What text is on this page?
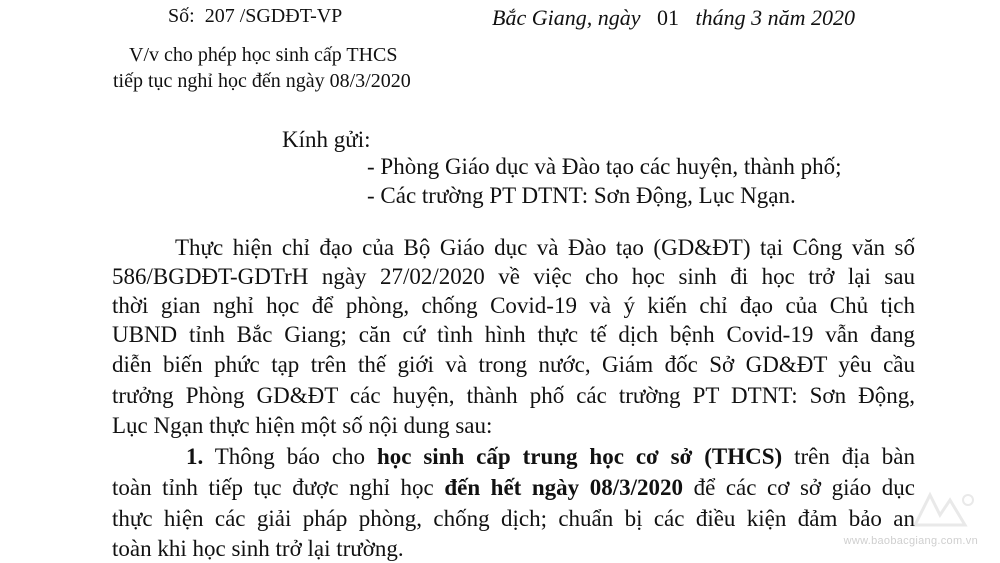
Số: 207 /SGDĐT-VP	Bắc Giang, ngày 01 tháng 3 năm 2020
V/v cho phép học sinh cấp THCS
tiếp tục nghỉ học đến ngày 08/3/2020
Kính gửi:
- Phòng Giáo dục và Đào tạo các huyện, thành phố;
- Các trường PT DTNT: Sơn Động, Lục Ngạn.
Thực hiện chỉ đạo của Bộ Giáo dục và Đào tạo (GD&ĐT) tại Công văn số
586/BGDĐT-GDTrH ngày 27/02/2020 về việc cho học sinh đi học trở lại sau
thời gian nghỉ học để phòng, chống Covid-19 và ý kiến chỉ đạo của Chủ tịch
UBND tỉnh Bắc Giang; căn cứ tình hình thực tế dịch bệnh Covid-19 vẫn đang
diễn biến phức tạp trên thế giới và trong nước, Giám đốc Sở GD&ĐT yêu cầu
trưởng Phòng GD&ĐT các huyện, thành phố các trường PT DTNT: Sơn Động,
Lục Ngạn thực hiện một số nội dung sau:
1. Thông báo cho học sinh cấp trung học cơ sở (THCS) trên địa bàn
toàn tỉnh tiếp tục được nghỉ học đến hết ngày 08/3/2020 để các cơ sở giáo dục
thực hiện các giải pháp phòng, chống dịch; chuẩn bị các điều kiện đảm bảo an
toàn khi học sinh trở lại trường.	www.baobacgiang.com.vn
